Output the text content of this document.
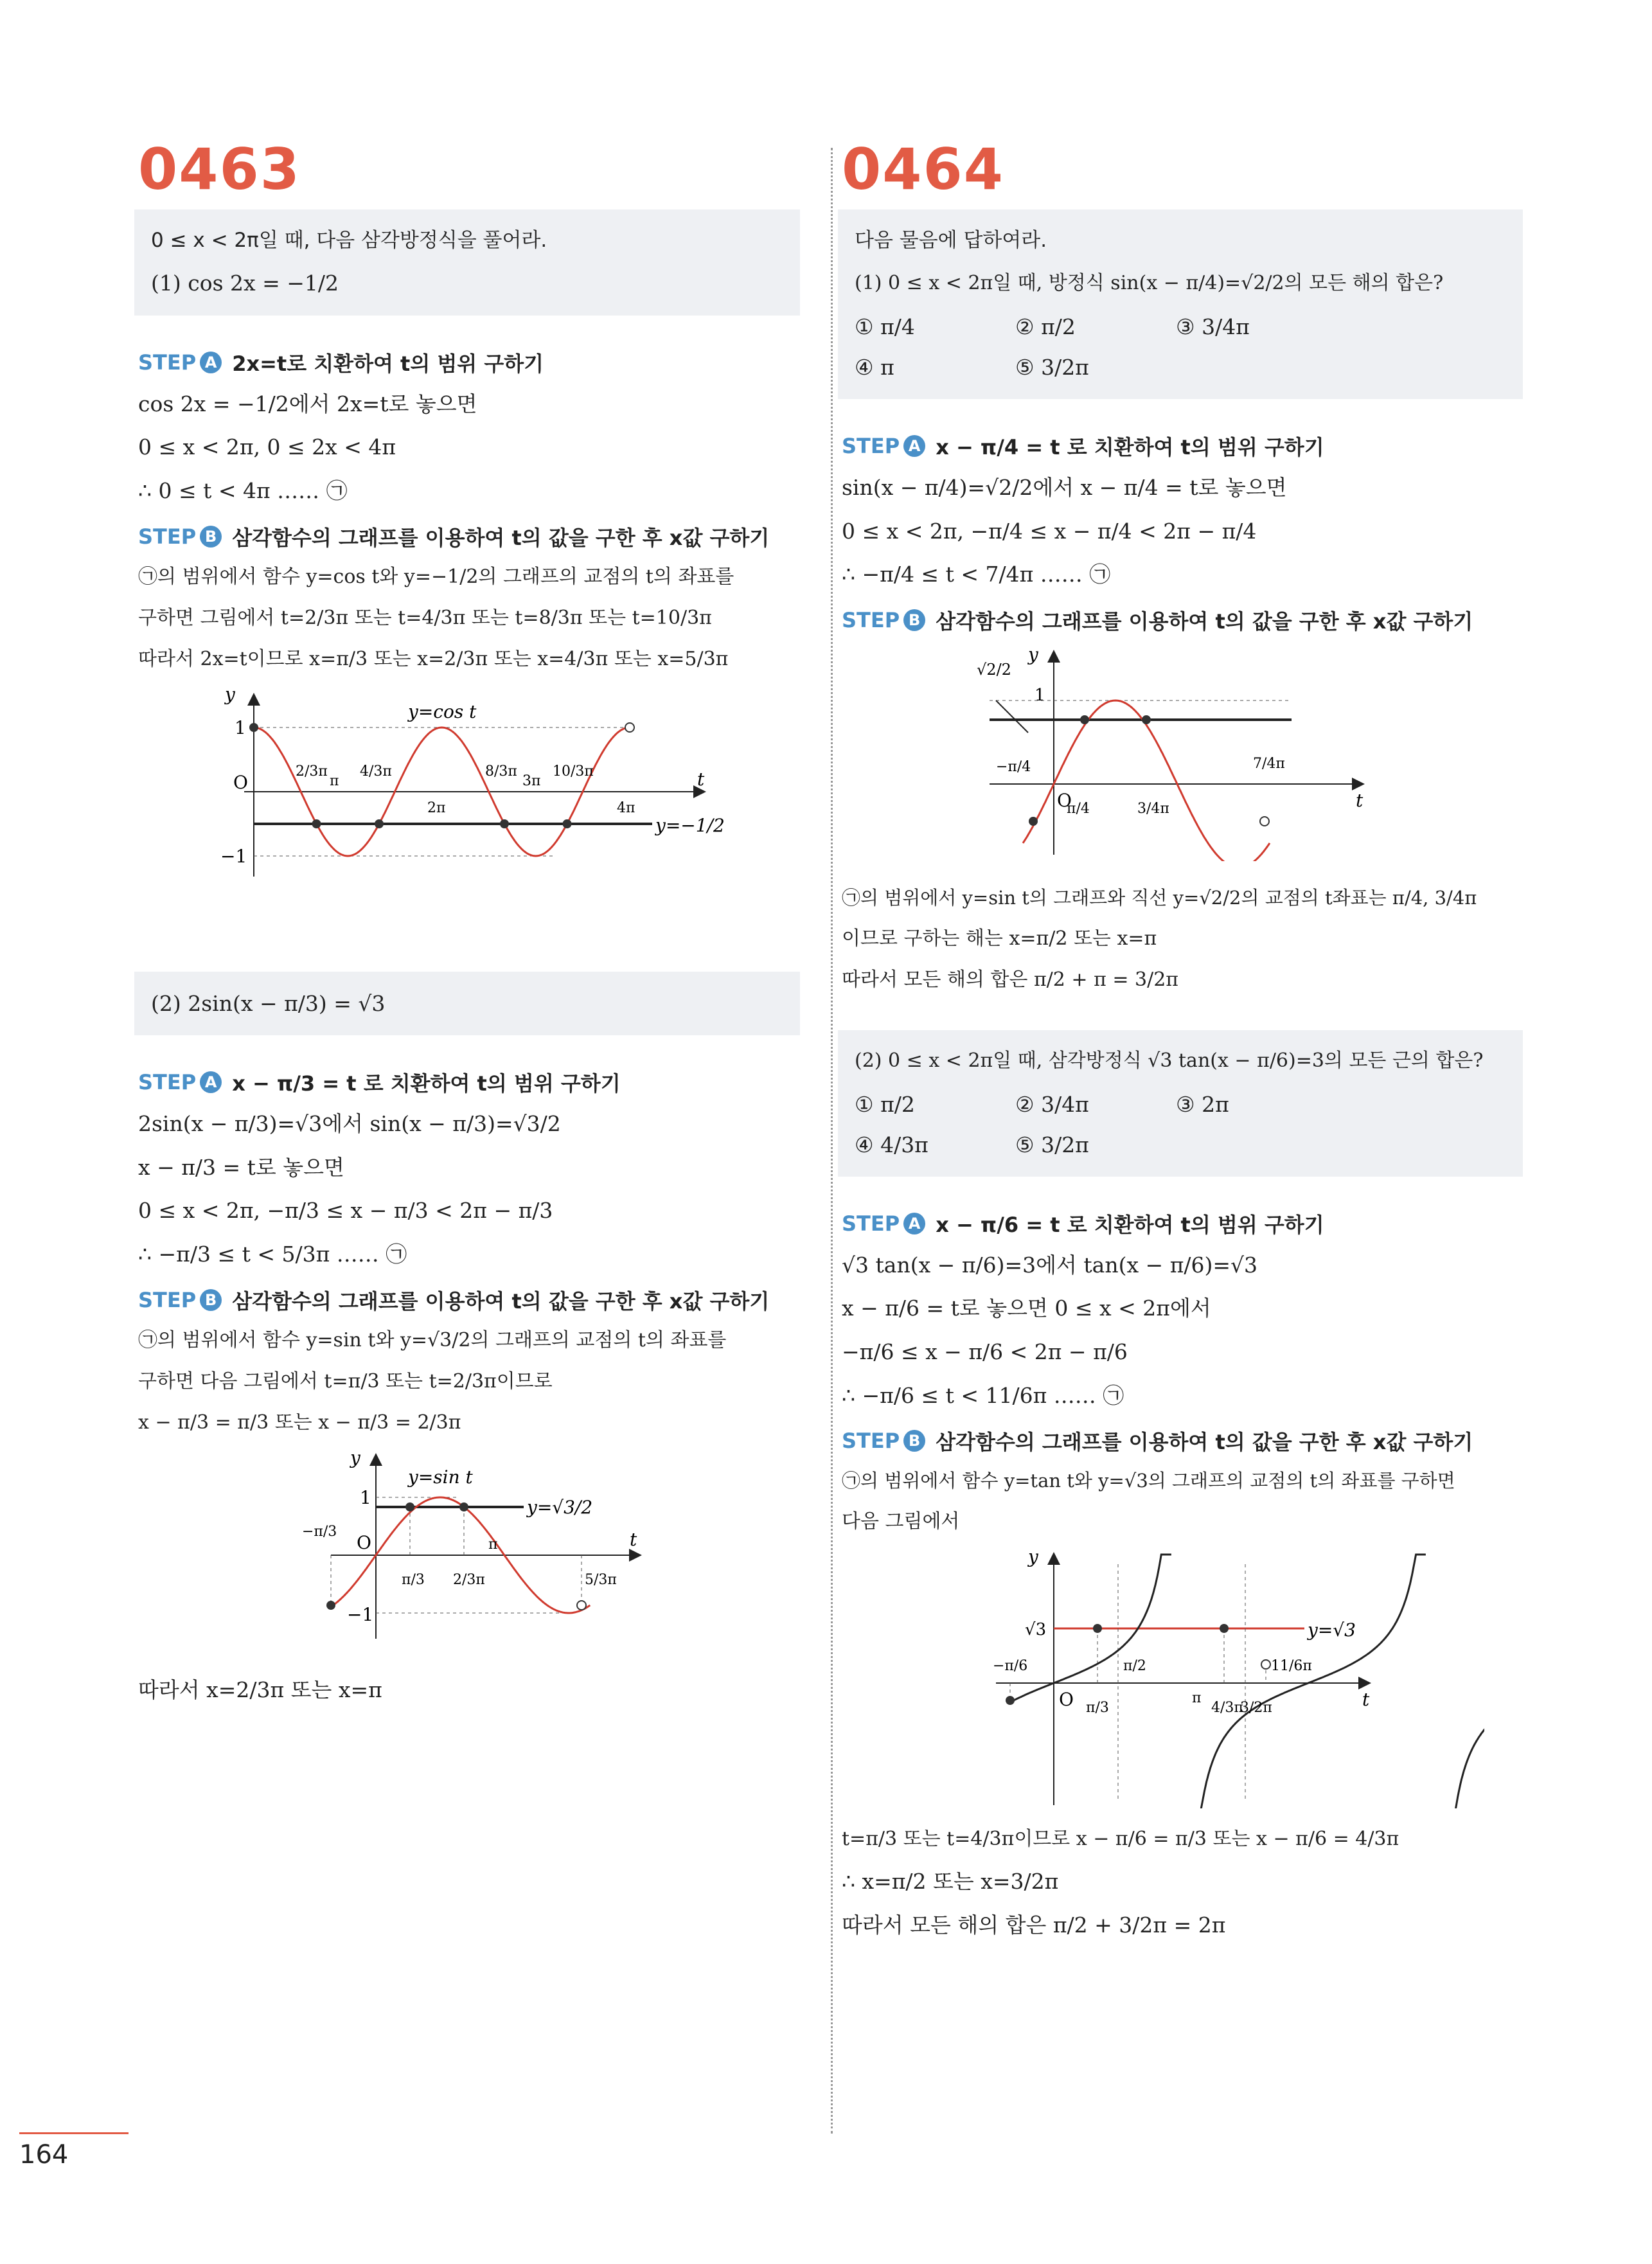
0463

0 ≤ x < 2π일 때, 다음 삼각방정식을 풀어라.

(1) cos 2x = −1/2

STEP A 2x=t로 치환하여 t의 범위 구하기

cos 2x = −1/2에서 2x=t로 놓으면

0 ≤ x < 2π, 0 ≤ 2x < 4π

∴ 0 ≤ t < 4π …… ㉠

STEP B 삼각함수의 그래프를 이용하여 t의 값을 구한 후 x값 구하기

㉠의 범위에서 함수 y=cos t와 y=−1/2의 그래프의 교점의 t의 좌표를

구하면 그림에서 t=2/3π 또는 t=4/3π 또는 t=8/3π 또는 t=10/3π

따라서 2x=t이므로 x=π/3 또는 x=2/3π 또는 x=4/3π 또는 x=5/3π

y
t
O
1
−1
y=cos t
y=−1/2
2/3π
π
4/3π
2π
8/3π
3π
10/3π
4π

(2) 2sin(x − π/3) = √3

STEP A x − π/3 = t 로 치환하여 t의 범위 구하기

2sin(x − π/3)=√3에서 sin(x − π/3)=√3/2

x − π/3 = t로 놓으면

0 ≤ x < 2π, −π/3 ≤ x − π/3 < 2π − π/3

∴ −π/3 ≤ t < 5/3π …… ㉠

STEP B 삼각함수의 그래프를 이용하여 t의 값을 구한 후 x값 구하기

㉠의 범위에서 함수 y=sin t와 y=√3/2의 그래프의 교점의 t의 좌표를

구하면 다음 그림에서 t=π/3 또는 t=2/3π이므로

x − π/3 = π/3 또는 x − π/3 = 2/3π

y
t
O
1
−1
y=sin t
y=√3/2
−π/3
π/3 2/3π
π
5/3π

따라서 x=2/3π 또는 x=π

0464

다음 물음에 답하여라.

(1) 0 ≤ x < 2π일 때, 방정식 sin(x − π/4)=√2/2의 모든 해의 합은?

① π/4	② π/2	③ 3/4π
④ π	⑤ 3/2π
STEP A x − π/4 = t 로 치환하여 t의 범위 구하기

sin(x − π/4)=√2/2에서 x − π/4 = t로 놓으면

0 ≤ x < 2π, −π/4 ≤ x − π/4 < 2π − π/4

∴ −π/4 ≤ t < 7/4π …… ㉠

STEP B 삼각함수의 그래프를 이용하여 t의 값을 구한 후 x값 구하기
y
t
O
√2/2
1
−π/4
π/4	3/4π
7/4π

㉠의 범위에서 y=sin t의 그래프와 직선 y=√2/2의 교점의 t좌표는 π/4, 3/4π

이므로 구하는 해는 x=π/2 또는 x=π

따라서 모든 해의 합은 π/2 + π = 3/2π

(2) 0 ≤ x < 2π일 때, 삼각방정식 √3 tan(x − π/6)=3의 모든 근의 합은?

① π/2	② 3/4π	③ 2π
④ 4/3π	⑤ 3/2π
STEP A x − π/6 = t 로 치환하여 t의 범위 구하기

√3 tan(x − π/6)=3에서 tan(x − π/6)=√3

x − π/6 = t로 놓으면 0 ≤ x < 2π에서

−π/6 ≤ x − π/6 < 2π − π/6

∴ −π/6 ≤ t < 11/6π …… ㉠

STEP B 삼각함수의 그래프를 이용하여 t의 값을 구한 후 x값 구하기

㉠의 범위에서 함수 y=tan t와 y=√3의 그래프의 교점의 t의 좌표를 구하면

다음 그림에서

y
t
O
y=√3
√3
−π/6
π/3
π/2
π
4/3π
3/2π
11/6π

t=π/3 또는 t=4/3π이므로 x − π/6 = π/3 또는 x − π/6 = 4/3π

∴ x=π/2 또는 x=3/2π

따라서 모든 해의 합은 π/2 + 3/2π = 2π

164
